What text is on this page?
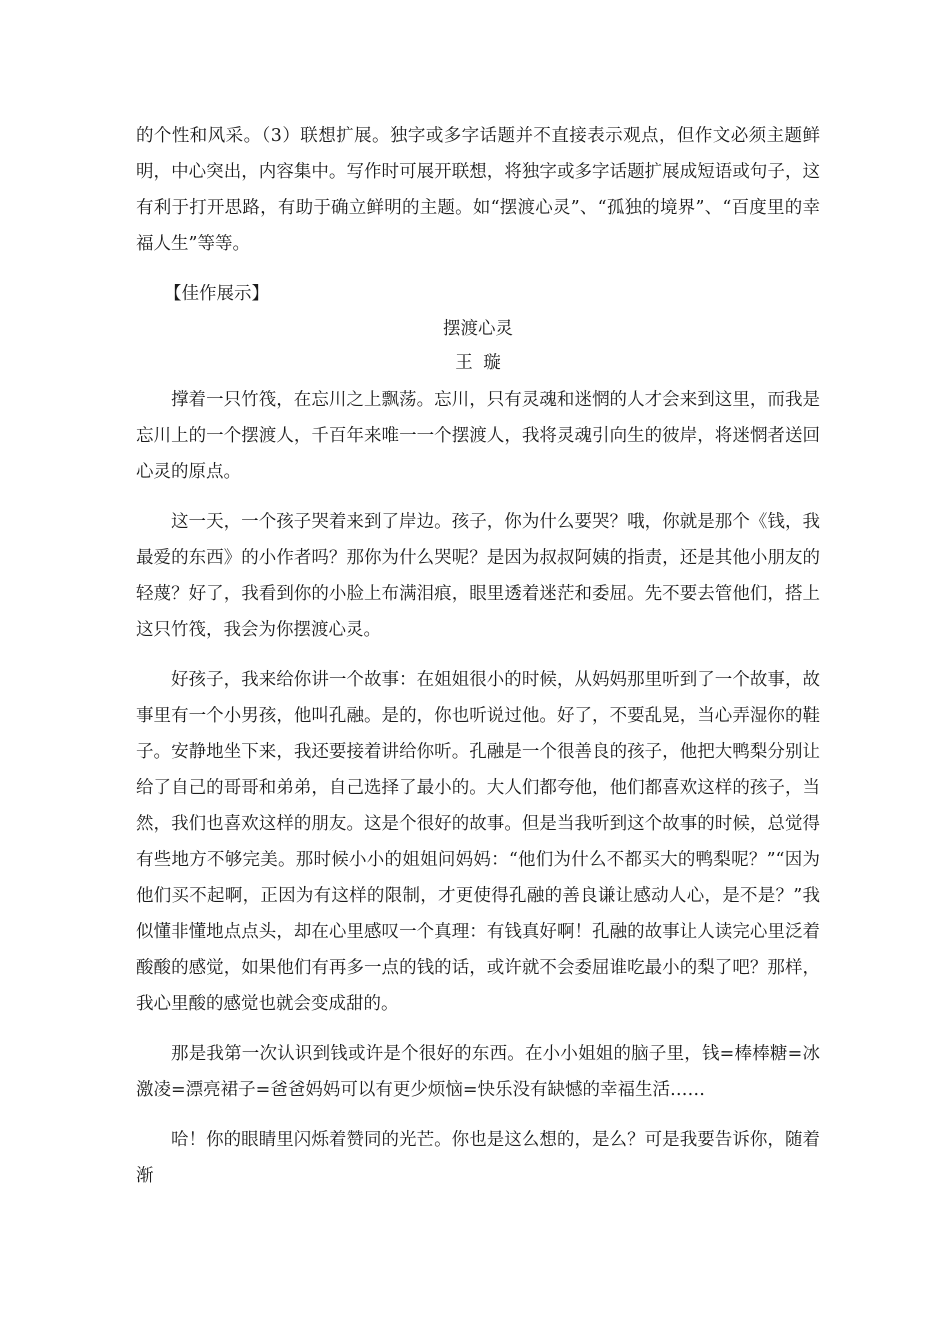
的个性和风采。（3）联想扩展。独字或多字话题并不直接表示观点，但作文必须主题鲜明，中心突出，内容集中。写作时可展开联想，将独字或多字话题扩展成短语或句子，这有利于打开思路，有助于确立鲜明的主题。如“摆渡心灵”、“孤独的境界”、“百度里的幸福人生”等等。

【佳作展示】

摆渡心灵

王璇

撑着一只竹筏，在忘川之上飘荡。忘川，只有灵魂和迷惘的人才会来到这里，而我是忘川上的一个摆渡人，千百年来唯一一个摆渡人，我将灵魂引向生的彼岸，将迷惘者送回心灵的原点。

这一天，一个孩子哭着来到了岸边。孩子，你为什么要哭？哦，你就是那个《钱，我最爱的东西》的小作者吗？那你为什么哭呢？是因为叔叔阿姨的指责，还是其他小朋友的轻蔑？好了，我看到你的小脸上布满泪痕，眼里透着迷茫和委屈。先不要去管他们，搭上这只竹筏，我会为你摆渡心灵。

好孩子，我来给你讲一个故事：在姐姐很小的时候，从妈妈那里听到了一个故事，故事里有一个小男孩，他叫孔融。是的，你也听说过他。好了，不要乱晃，当心弄湿你的鞋子。安静地坐下来，我还要接着讲给你听。孔融是一个很善良的孩子，他把大鸭梨分别让给了自己的哥哥和弟弟，自己选择了最小的。大人们都夸他，他们都喜欢这样的孩子，当然，我们也喜欢这样的朋友。这是个很好的故事。但是当我听到这个故事的时候，总觉得有些地方不够完美。那时候小小的姐姐问妈妈：“他们为什么不都买大的鸭梨呢？”“因为他们买不起啊，正因为有这样的限制，才更使得孔融的善良谦让感动人心，是不是？”我似懂非懂地点点头，却在心里感叹一个真理：有钱真好啊！孔融的故事让人读完心里泛着酸酸的感觉，如果他们有再多一点的钱的话，或许就不会委屈谁吃最小的梨了吧？那样，我心里酸的感觉也就会变成甜的。

那是我第一次认识到钱或许是个很好的东西。在小小姐姐的脑子里，钱=棒棒糖=冰激凌=漂亮裙子=爸爸妈妈可以有更少烦恼=快乐没有缺憾的幸福生活……

哈！你的眼睛里闪烁着赞同的光芒。你也是这么想的，是么？可是我要告诉你，随着渐
